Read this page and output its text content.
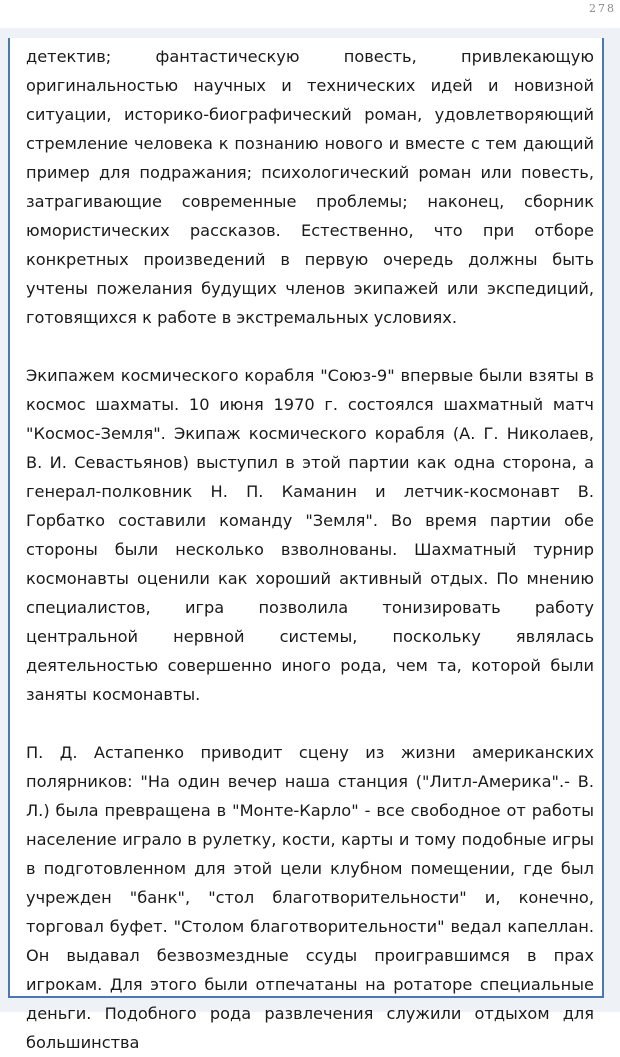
278

детектив; фантастическую повесть, привлекающую оригинальностью научных и технических идей и новизной ситуации, историко-биографический роман, удовлетворяющий стремление человека к познанию нового и вместе с тем дающий пример для подражания; психологический роман или повесть, затрагивающие современные проблемы; наконец, сборник юмористических рассказов. Естественно, что при отборе конкретных произведений в первую очередь должны быть учтены пожелания будущих членов экипажей или экспедиций, готовящихся к работе в экстремальных условиях.

Экипажем космического корабля "Союз-9" впервые были взяты в космос шахматы. 10 июня 1970 г. состоялся шахматный матч "Космос-Земля". Экипаж космического корабля (А. Г. Николаев, В. И. Севастьянов) выступил в этой партии как одна сторона, а генерал-полковник Н. П. Каманин и летчик-космонавт В. Горбатко составили команду "Земля". Во время партии обе стороны были несколько взволнованы. Шахматный турнир космонавты оценили как хороший активный отдых. По мнению специалистов, игра позволила тонизировать работу центральной нервной системы, поскольку являлась деятельностью совершенно иного рода, чем та, которой были заняты космонавты.

П. Д. Астапенко приводит сцену из жизни американских полярников: "На один вечер наша станция ("Литл-Америка".- В. Л.) была превращена в "Монте-Карло" - все свободное от работы население играло в рулетку, кости, карты и тому подобные игры в подготовленном для этой цели клубном помещении, где был учрежден "банк", "стол благотворительности" и, конечно, торговал буфет. "Столом благотворительности" ведал капеллан. Он выдавал безвозмездные ссуды проигравшимся в прах игрокам. Для этого были отпечатаны на ротаторе специальные деньги. Подобного рода развлечения служили отдыхом для большинства
